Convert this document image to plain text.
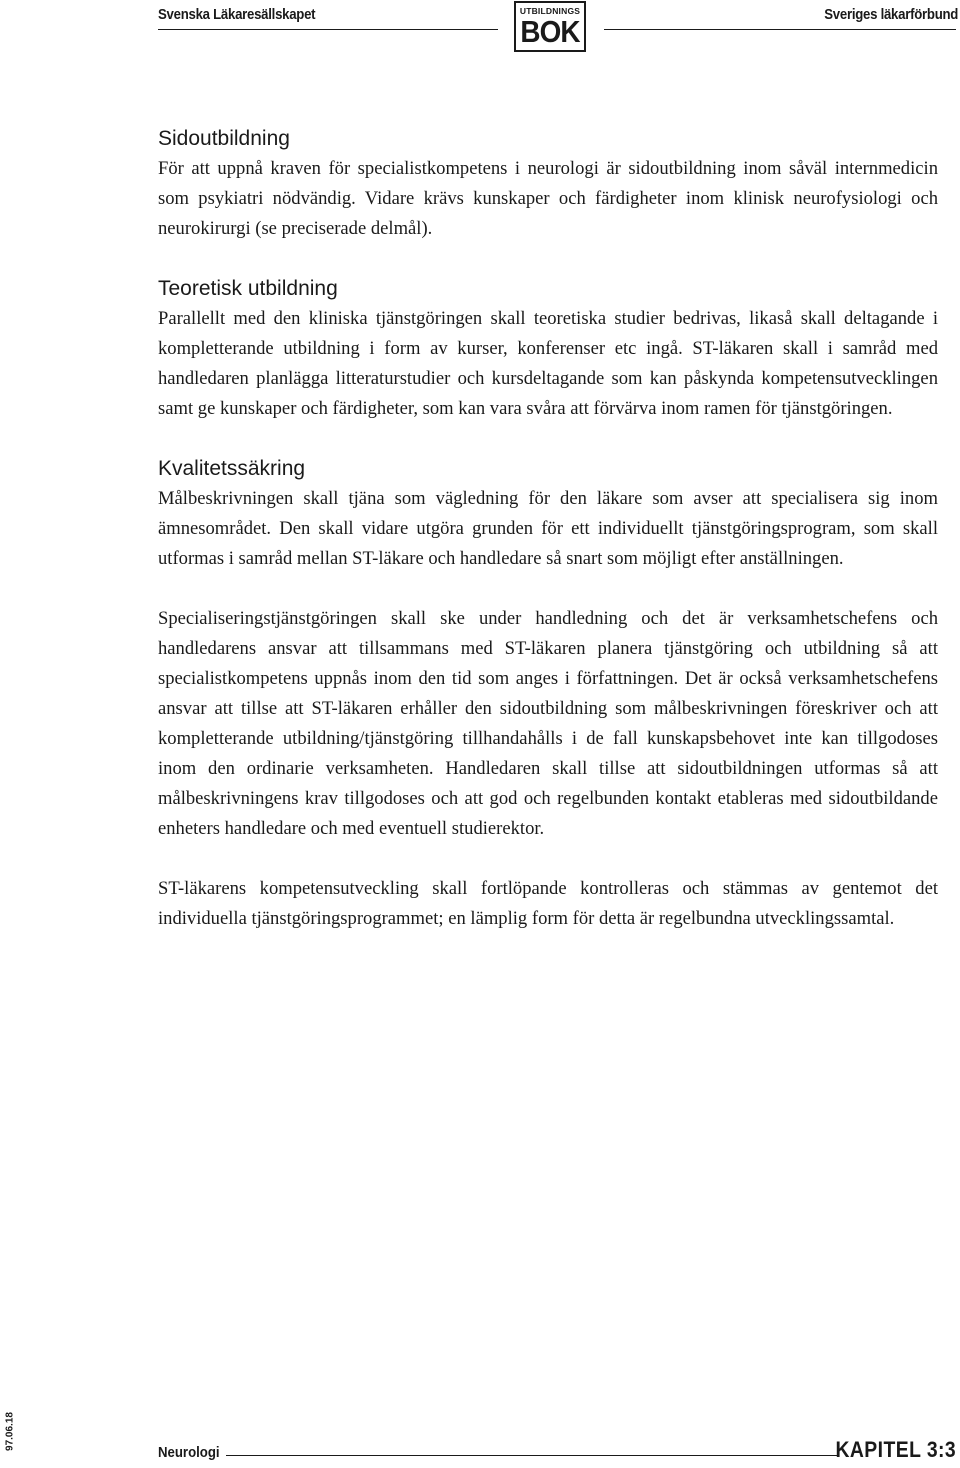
Svenska Läkaresällskapet	UTBILDNINGS
BOK	Sveriges läkarförbund
Sidoutbildning

För att uppnå kraven för specialistkompetens i neurologi är sidoutbildning inom såväl internmedicin som psykiatri nödvändig. Vidare krävs kunskaper och färdigheter inom klinisk neurofysiologi och neurokirurgi (se preciserade delmål).

Teoretisk utbildning

Parallellt med den kliniska tjänstgöringen skall teoretiska studier bedrivas, likaså skall deltagande i kompletterande utbildning i form av kurser, konferenser etc ingå. ST-läkaren skall i samråd med handledaren planlägga litteraturstudier och kursdeltagande som kan påskynda kompetensutvecklingen samt ge kunskaper och färdigheter, som kan vara svåra att förvärva inom ramen för tjänstgöringen.

Kvalitetssäkring

Målbeskrivningen skall tjäna som vägledning för den läkare som avser att specialisera sig inom ämnesområdet. Den skall vidare utgöra grunden för ett individuellt tjänstgöringsprogram, som skall utformas i samråd mellan ST-läkare och handledare så snart som möjligt efter anställningen.

Specialiseringstjänstgöringen skall ske under handledning och det är verksamhetschefens och handledarens ansvar att tillsammans med ST-läkaren planera tjänstgöring och utbildning så att specialistkompetens uppnås inom den tid som anges i författningen. Det är också verksamhetschefens ansvar att tillse att ST-läkaren erhåller den sidoutbildning som målbeskrivningen föreskriver och att kompletterande utbildning/tjänstgöring tillhandahålls i de fall kunskapsbehovet inte kan tillgodoses inom den ordinarie verksamheten. Handledaren skall tillse att sidoutbildningen utformas så att målbeskrivningens krav tillgodoses och att god och regelbunden kontakt etableras med sidoutbildande enheters handledare och med eventuell studierektor.

ST-läkarens kompetensutveckling skall fortlöpande kontrolleras och stämmas av gentemot det individuella tjänstgöringsprogrammet; en lämplig form för detta är regelbundna utvecklingssamtal.

97.06.18
Neurologi	KAPITEL 3:3
